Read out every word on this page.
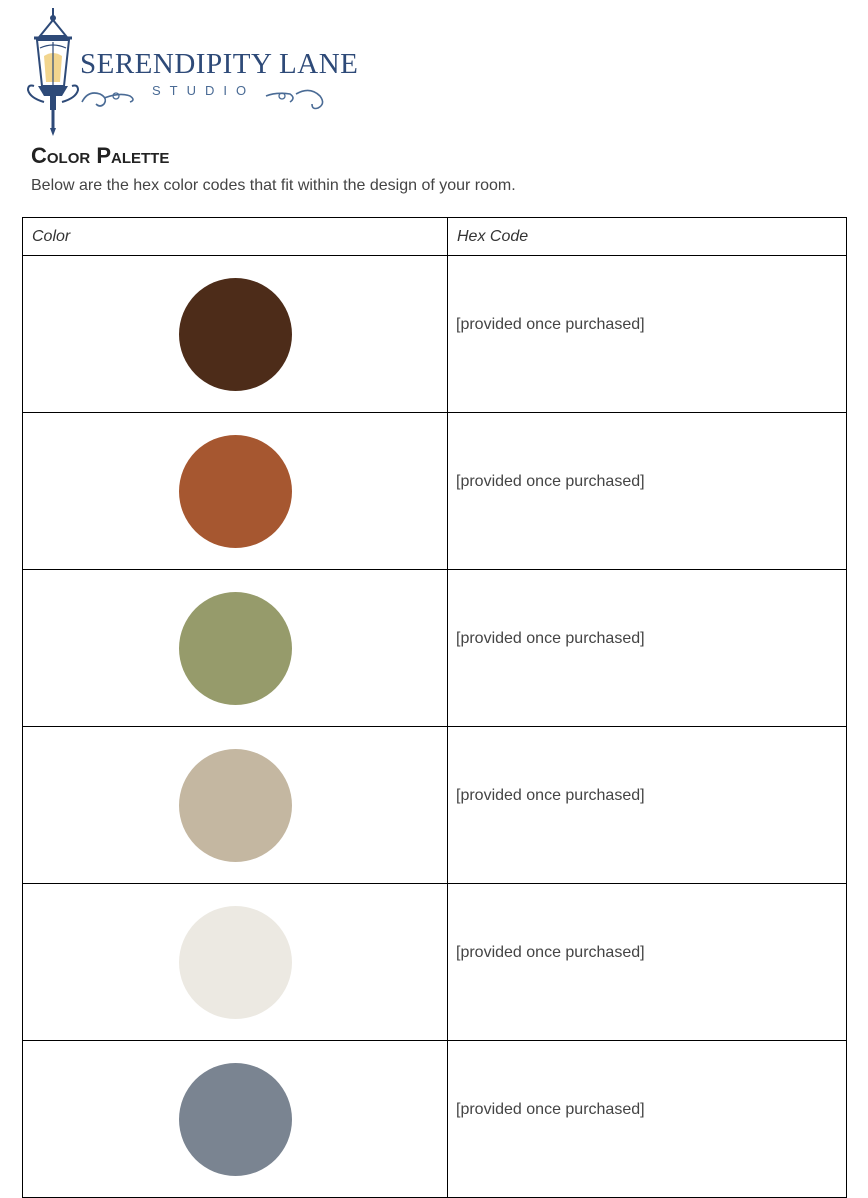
SERENDIPITY LANE
STUDIO
Color Palette
Below are the hex color codes that fit within the design of your room.
Color	Hex Code

	[provided once purchased]

	[provided once purchased]

	[provided once purchased]

	[provided once purchased]

	[provided once purchased]

	[provided once purchased]
